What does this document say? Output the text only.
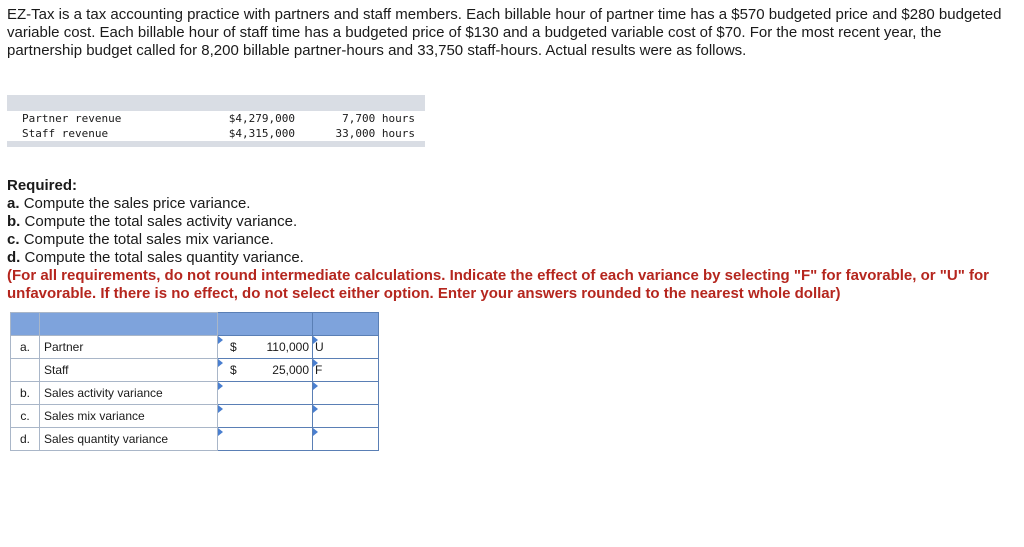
EZ-Tax is a tax accounting practice with partners and staff members. Each billable hour of partner time has a $570 budgeted price and $280 budgeted variable cost. Each billable hour of staff time has a budgeted price of $130 and a budgeted variable cost of $70. For the most recent year, the partnership budget called for 8,200 billable partner-hours and 33,750 staff-hours. Actual results were as follows.
Partner revenue	$4,279,000	7,700 hours
Staff revenue	$4,315,000	33,000 hours
Required:
a. Compute the sales price variance.
b. Compute the total sales activity variance.
c. Compute the total sales mix variance.
d. Compute the total sales quantity variance.
(For all requirements, do not round intermediate calculations. Indicate the effect of each variance by selecting "F" for favorable, or "U" for unfavorable. If there is no effect, do not select either option. Enter your answers rounded to the nearest whole dollar)

a.	Partner	$ 110,000	U

	Staff	$ 25,000	F

b.	Sales activity variance	

c.	Sales mix variance	

d.	Sales quantity variance	
